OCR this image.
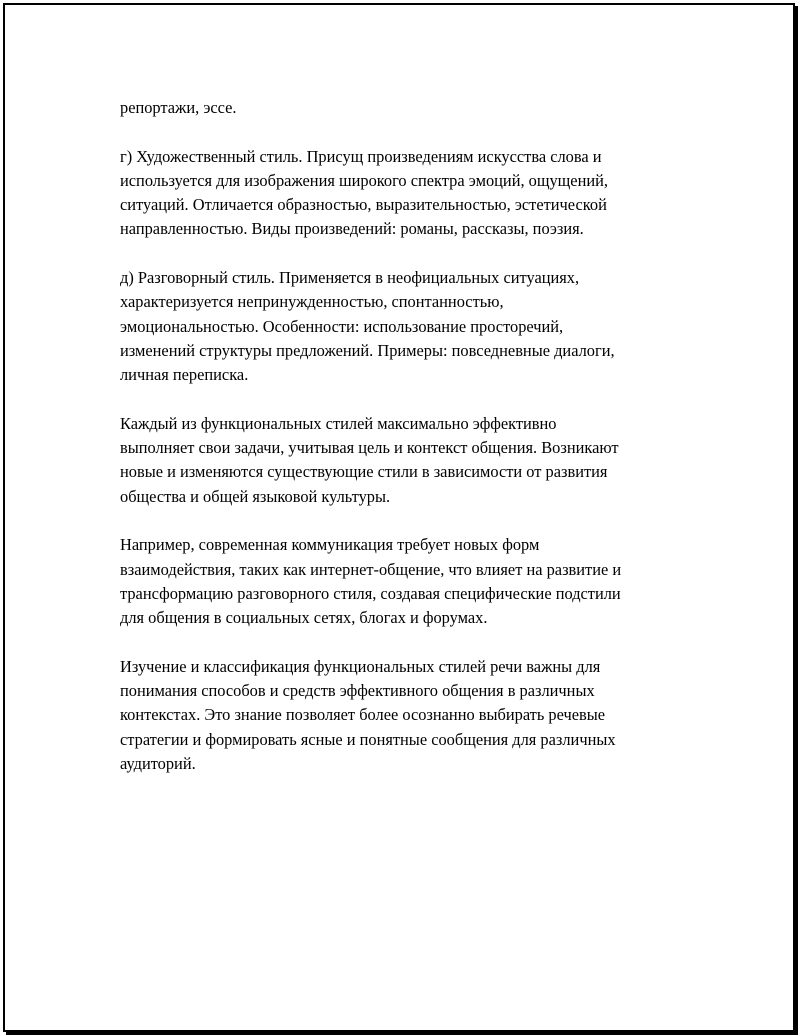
репортажи, эссе.

г) Художественный стиль. Присущ произведениям искусства слова и
используется для изображения широкого спектра эмоций, ощущений,
ситуаций. Отличается образностью, выразительностью, эстетической
направленностью. Виды произведений: романы, рассказы, поэзия.

д) Разговорный стиль. Применяется в неофициальных ситуациях,
характеризуется непринужденностью, спонтанностью,
эмоциональностью. Особенности: использование просторечий,
изменений структуры предложений. Примеры: повседневные диалоги,
личная переписка.

Каждый из функциональных стилей максимально эффективно
выполняет свои задачи, учитывая цель и контекст общения. Возникают
новые и изменяются существующие стили в зависимости от развития
общества и общей языковой культуры.

Например, современная коммуникация требует новых форм
взаимодействия, таких как интернет-общение, что влияет на развитие и
трансформацию разговорного стиля, создавая специфические подстили
для общения в социальных сетях, блогах и форумах.

Изучение и классификация функциональных стилей речи важны для
понимания способов и средств эффективного общения в различных
контекстах. Это знание позволяет более осознанно выбирать речевые
стратегии и формировать ясные и понятные сообщения для различных
аудиторий.
